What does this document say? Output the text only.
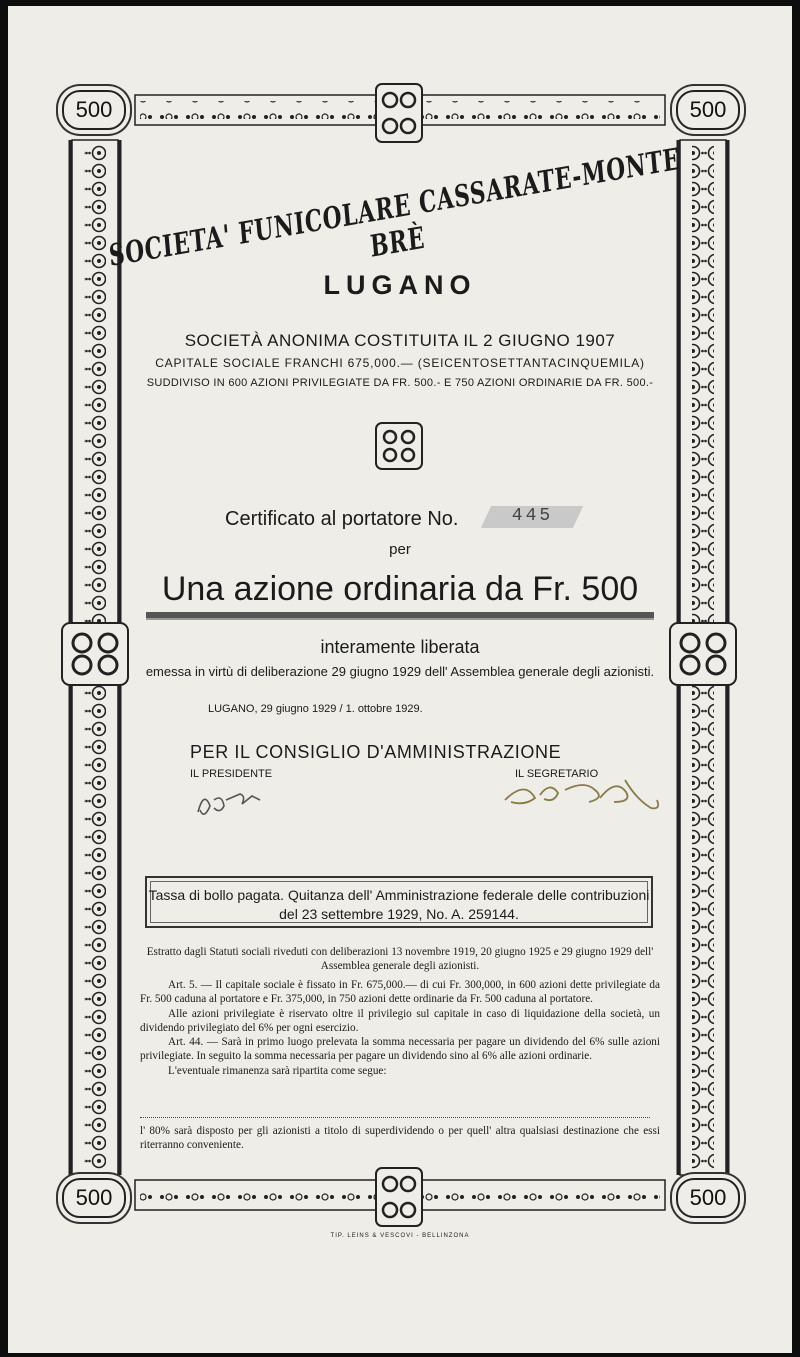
500	500
500	500
SOCIETA' FUNICOLARE CASSARATE-MONTE BRÈ
LUGANO
SOCIETÀ ANONIMA COSTITUITA IL 2 GIUGNO 1907
CAPITALE SOCIALE FRANCHI 675,000.— (SEICENTOSETTANTACINQUEMILA)
SUDDIVISO IN 600 AZIONI PRIVILEGIATE DA FR. 500.- E 750 AZIONI ORDINARIE DA FR. 500.-
Certificato al portatore No.	445
per
Una azione ordinaria da Fr. 500
interamente liberata
emessa in virtù di deliberazione 29 giugno 1929 dell' Assemblea generale degli azionisti.
LUGANO, 29 giugno 1929 / 1. ottobre 1929.
PER IL CONSIGLIO D'AMMINISTRAZIONE
IL PRESIDENTE	IL SEGRETARIO
Tassa di bollo pagata. Quitanza dell' Amministrazione federale delle contribuzioni del 23 settembre 1929, No. A. 259144.

Estratto dagli Statuti sociali riveduti con deliberazioni 13 novembre 1919, 20 giugno 1925 e 29 giugno 1929 dell' Assemblea generale degli azionisti.

Art. 5. — Il capitale sociale è fissato in Fr. 675,000.— di cui Fr. 300,000, in 600 azioni dette privilegiate da Fr. 500 caduna al portatore e Fr. 375,000, in 750 azioni dette ordinarie da Fr. 500 caduna al portatore.

Alle azioni privilegiate è riservato oltre il privilegio sul capitale in caso di liquidazione della società, un dividendo privilegiato del 6% per ogni esercizio.

Art. 44. — Sarà in primo luogo prelevata la somma necessaria per pagare un dividendo del 6% sulle azioni privilegiate. In seguito la somma necessaria per pagare un dividendo sino al 6% alle azioni ordinarie.

L'eventuale rimanenza sarà ripartita come segue:

l' 80% sarà disposto per gli azionisti a titolo di superdividendo o per quell' altra qualsiasi destinazione che essi riterranno conveniente.

TIP. LEINS & VESCOVI - BELLINZONA
